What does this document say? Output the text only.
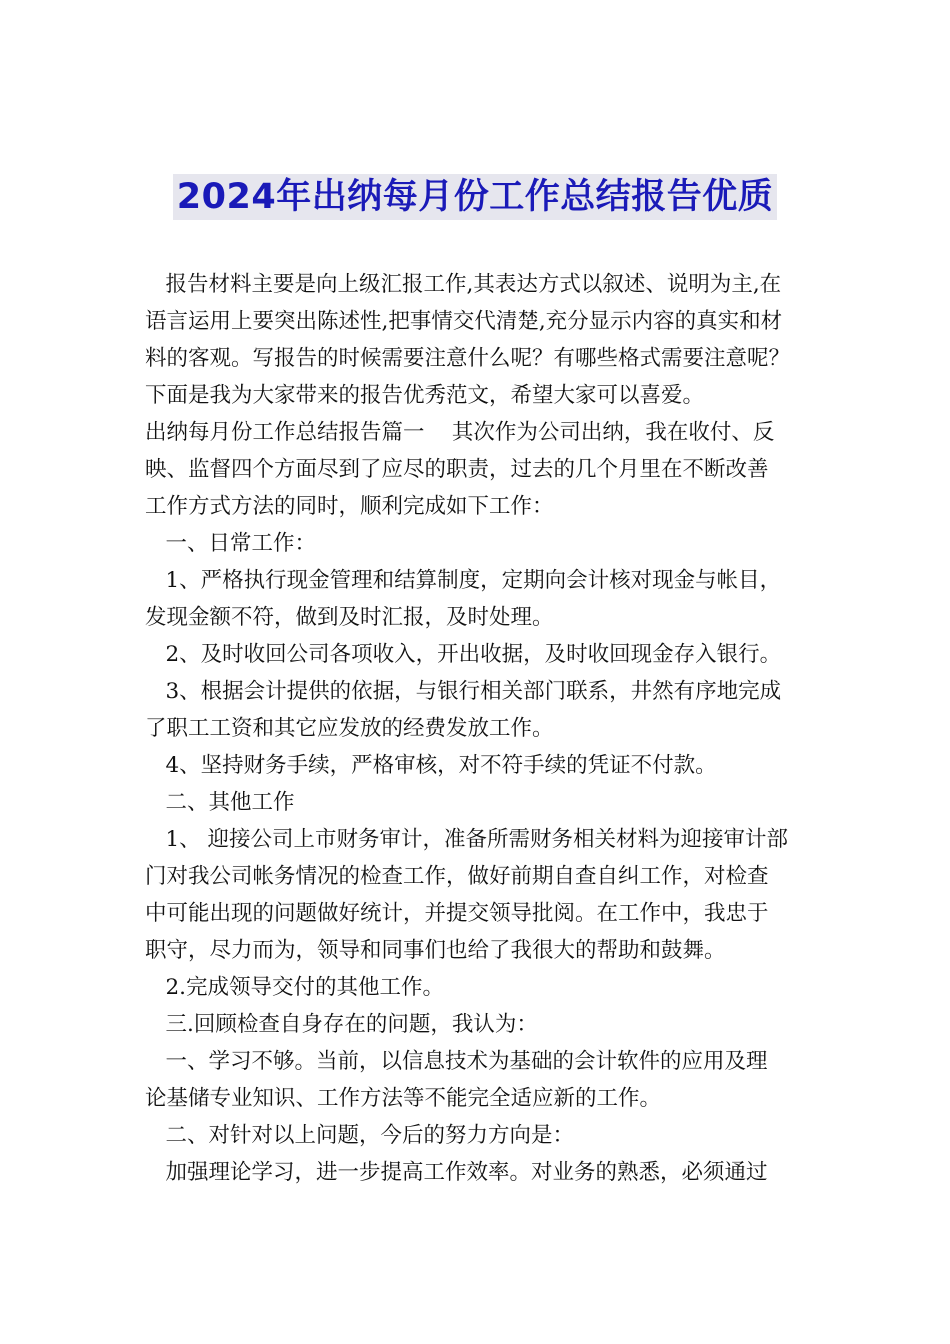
2024年出纳每月份工作总结报告优质

报告材料主要是向上级汇报工作,其表达方式以叙述、说明为主,在

语言运用上要突出陈述性,把事情交代清楚,充分显示内容的真实和材

料的客观。写报告的时候需要注意什么呢？有哪些格式需要注意呢？

下面是我为大家带来的报告优秀范文，希望大家可以喜爱。

出纳每月份工作总结报告篇一    其次作为公司出纳，我在收付、反

映、监督四个方面尽到了应尽的职责，过去的几个月里在不断改善

工作方式方法的同时，顺利完成如下工作：

一、日常工作：

1、严格执行现金管理和结算制度，定期向会计核对现金与帐目，

发现金额不符，做到及时汇报，及时处理。

2、及时收回公司各项收入，开出收据，及时收回现金存入银行。

3、根据会计提供的依据，与银行相关部门联系，井然有序地完成

了职工工资和其它应发放的经费发放工作。

4、坚持财务手续，严格审核，对不符手续的凭证不付款。

二、其他工作

1、 迎接公司上市财务审计，准备所需财务相关材料为迎接审计部

门对我公司帐务情况的检查工作，做好前期自查自纠工作，对检查

中可能出现的问题做好统计，并提交领导批阅。在工作中，我忠于

职守，尽力而为，领导和同事们也给了我很大的帮助和鼓舞。

2.完成领导交付的其他工作。

三.回顾检查自身存在的问题，我认为：

一、学习不够。当前，以信息技术为基础的会计软件的应用及理

论基储专业知识、工作方法等不能完全适应新的工作。

二、对针对以上问题，今后的努力方向是：

加强理论学习，进一步提高工作效率。对业务的熟悉，必须通过
